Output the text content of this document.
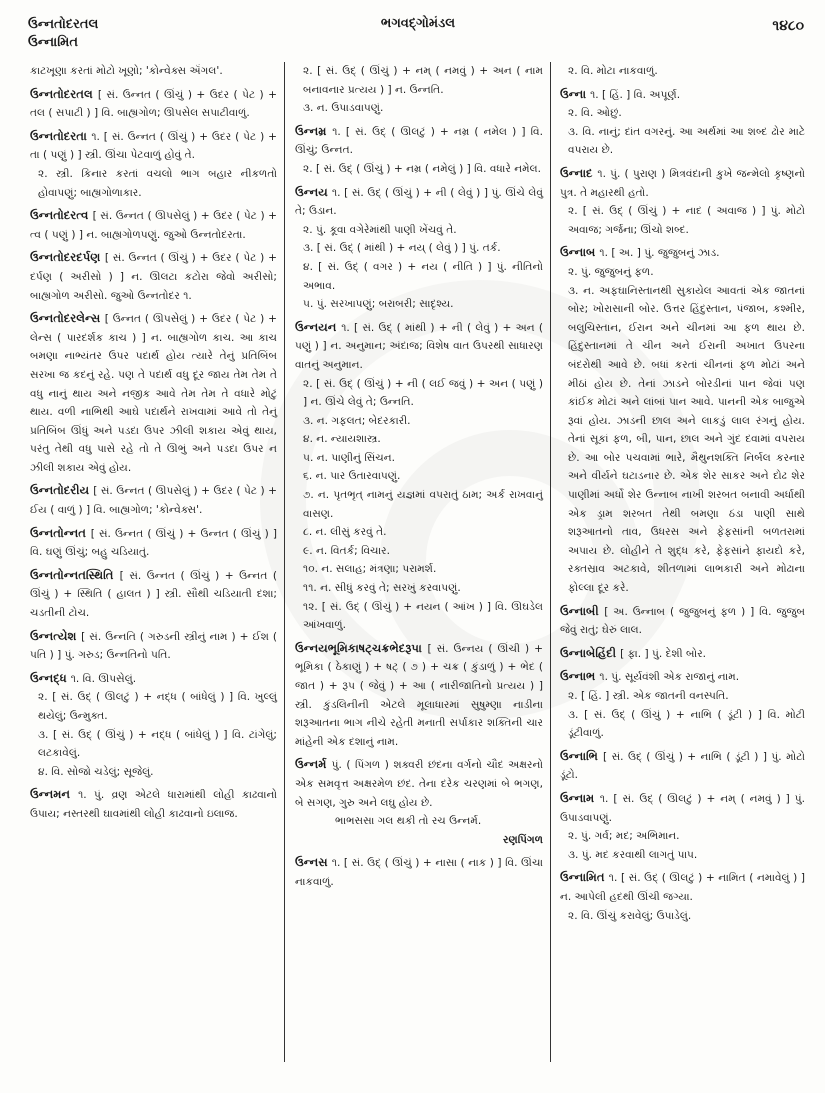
ઉન્નતોદરતલ
ઉન્નામિત
ભગવદ્ગોમંડલ	૧૪૮૦
કાટખૂણા કરતાં મોટો ખૂણો; 'કોન્વેક્સ ઍંગલ'.
ઉન્નતોદરતલ [ સં. ઉન્નત ( ઊંચું ) + ઉદર ( પેટ ) + તલ ( સપાટી ) ] વિ. બાહ્યગોળ; ઊપસેલ સપાટીવાળું.
ઉન્નતોદરતા ૧. [ સં. ઉન્નત ( ઊંચું ) + ઉદર ( પેટ ) + તા ( પણું ) ] સ્ત્રી. ઊંચા પેટવાળું હોવું તે.
૨. સ્ત્રી. કિનાર કરતાં વચલો ભાગ બહાર નીકળતો હોવાપણું; બાહ્યગોળાકાર.
ઉન્નતોદરત્વ [ સં. ઉન્નત ( ઊપસેલું ) + ઉદર ( પેટ ) + ત્વ ( પણું ) ] ન. બાહ્યગોળપણું. જુઓ ઉન્નતોદરતા.
ઉન્નતોદરદર્પણ [ સં. ઉન્નત ( ઊંચું ) + ઉદર ( પેટ ) + દર્પણ ( અરીસો ) ] ન. ઊલટા કટોરા જેવો અરીસો; બાહ્યગોળ અરીસો. જુઓ ઉન્નતોદર ૧.
ઉન્નતોદરલેન્સ [ ઉન્નત ( ઊપસેલું ) + ઉદર ( પેટ ) + લેન્સ ( પારદર્શક કાચ ) ] ન. બાહ્યગોળ કાચ. આ કાચ બમણા નાભ્યંતર ઉપર પદાર્થ હોય ત્યારે તેનું પ્રતિબિંબ સરખા જ કદનું રહે. પણ તે પદાર્થ વધુ દૂર જાય તેમ તેમ તે વધુ નાનું થાય અને નજીક આવે તેમ તેમ તે વધારે મોટું થાય. વળી નાભિથી આઘે પદાર્થને રાખવામાં આવે તો તેનું પ્રતિબિંબ ઊંધું અને પડદા ઉપર ઝીલી શકાય એવું થાય, પરંતુ તેથી વધુ પાસે રહે તો તે ઊભું અને પડદા ઉપર ન ઝીલી શકાય એવું હોય.
ઉન્નતોદરીય [ સં. ઉન્નત ( ઊપસેલું ) + ઉદર ( પેટ ) + ઈય ( વાળું ) ] વિ. બાહ્યગોળ; 'કોન્વેક્સ'.
ઉન્નતોન્નત [ સં. ઉન્નત ( ઊંચું ) + ઉન્નત ( ઊંચું ) ] વિ. ઘણું ઊંચું; બહુ ચડિયાતું.
ઉન્નતોન્નતસ્થિતિ [ સં. ઉન્નત ( ઊંચું ) + ઉન્નત ( ઊંચું ) + સ્થિતિ ( હાલત ) ] સ્ત્રી. સૌથી ચડિયાતી દશા; ચડતીની ટોચ.
ઉન્નત્યેશ [ સં. ઉન્નતિ ( ગરુડની સ્ત્રીનું નામ ) + ઈશ ( પતિ ) ] પું. ગરુડ; ઉન્નતિનો પતિ.
ઉન્નદ્ધ ૧. વિ. ઊપસેલું.
૨. [ સં. ઉદ્ ( ઊલટું ) + નદ્ધ ( બાંધેલું ) ] વિ. ખુલ્લું થયેલું; ઉન્મુક્ત.
૩. [ સં. ઉદ્ ( ઊંચું ) + નદ્ધ ( બાંધેલું ) ] વિ. ટાંગેલું; લટકાવેલું.
૪. વિ. સોજો ચડેલું; સૂજેલું.
ઉન્નમન ૧. પું. વ્રણ એટલે ધારામાંથી લોહી કાઢવાનો ઉપાય; નસ્તરથી ઘાવમાંથી લોહી કાઢવાનો ઇલાજ.
૨. [ સં. ઉદ્ ( ઊંચું ) + નમ્ ( નમવું ) + અન ( નામ બનાવનાર પ્રત્યય ) ] ન. ઉન્નતિ.
૩. ન. ઉપાડવાપણું.
ઉન્નમ્ર ૧. [ સં. ઉદ્ ( ઊલટું ) + નમ્ર ( નમેલ ) ] વિ. ઊંચું; ઉન્નત.
૨. [ સં. ઉદ્ ( ઊંચું ) + નમ્ર ( નમેલું ) ] વિ. વધારે નમેલ.
ઉન્નય ૧. [ સં. ઉદ્ ( ઊંચું ) + ની ( લેવું ) ] પું. ઊંચે લેવું તે; ઉડાન.
૨. પું. કૂવા વગેરેમાંથી પાણી ખેંચવું તે.
૩. [ સં. ઉદ્ ( માંથી ) + નય્ ( લેવું ) ] પું. તર્ક.
૪. [ સં. ઉદ્ ( વગર ) + નય ( નીતિ ) ] પું. નીતિનો અભાવ.
૫. પું. સરખાપણું; બરાબરી; સાદૃશ્ય.
ઉન્નયન ૧. [ સં. ઉદ્ ( માંથી ) + ની ( લેવું ) + અન ( પણું ) ] ન. અનુમાન; અંદાજ; વિશેષ વાત ઉપરથી સાધારણ વાતનું અનુમાન.
૨. [ સં. ઉદ્ ( ઊંચું ) + ની ( લઈ જવું ) + અન ( પણું ) ] ન. ઊંચે લેવું તે; ઉન્નતિ.
૩. ન. ગફલત; બેદરકારી.
૪. ન. ન્યાયશાસ્ત્ર.
૫. ન. પાણીનું સિંચન.
૬. ન. પાર ઉતારવાપણું.
૭. ન. પૃતભૃત્ નામનું યજ્ઞમાં વપરાતું ઠામ; અર્ક રાખવાનું વાસણ.
૮. ન. લીસું કરવું તે.
૯. ન. વિતર્ક; વિચાર.
૧૦. ન. સલાહ; મંત્રણા; પરામર્શ.
૧૧. ન. સીધું કરવું તે; સરખું કરવાપણું.
૧૨. [ સં. ઉદ્ ( ઊંચું ) + નયન ( આંખ ) ] વિ. ઊઘડેલ આંખવાળું.
ઉન્નયભૂમિકાષટ્ચક્રભેદરૂપા [ સં. ઉન્નય ( ઊંચી ) + ભૂમિકા ( ઠેકાણું ) + ષટ્ ( ૭ ) + ચક્ર ( કુંડાળું ) + ભેદ ( જાત ) + રૂપ ( જેવું ) + આ ( નારીજાતિનો પ્રત્યય ) ] સ્ત્રી. કુંડલિનીની એટલે મૂલાધારમાં સુષુમ્ણા નાડીના શરૂઆતના ભાગ નીચે રહેતી મનાતી સર્પાકાર શક્તિની ચાર માંહેની એક દશાનું નામ.
ઉન્નર્મ પું. ( પિંગળ ) શક્વરી છંદના વર્ગનો ચૌદ અક્ષરનો એક સમવૃત્ત અક્ષરમેળ છંદ. તેના દરેક ચરણમાં બે ભગણ, બે સગણ, ગુરુ અને લઘુ હોય છે.
ભાભસસા ગલ થકી તો રચ ઉન્નર્મ.
રણપિંગળ
ઉન્નસ ૧. [ સં. ઉદ્ ( ઊંચું ) + નાસા ( નાક ) ] વિ. ઊંચા નાકવાળું.
૨. વિ. મોટા નાકવાળું.
ઉન્ના ૧. [ હિં. ] વિ. અપૂર્ણ.
૨. વિ. ઓછું.
૩. વિ. નાનું; દાંત વગરનું. આ અર્થમાં આ શબ્દ ઢોર માટે વપરાય છે.
ઉન્નાદ ૧. પું. ( પુરાણ ) મિત્રવંદાની કુખે જન્મેલો કૃષ્ણનો પુત્ર. તે મહારથી હતો.
૨. [ સં. ઉદ્ ( ઊંચું ) + નાદ ( અવાજ ) ] પું. મોટો અવાજ; ગર્જના; ઊંચો શબ્દ.
ઉન્નાબ ૧. [ અ. ] પું. જુજુબનું ઝાડ.
૨. પું. જુજુબનું ફળ.
૩. ન. અફઘાનિસ્તાનથી સુકાયેલ આવતાં એક જાતનાં બોર; ખોરાસાની બોર. ઉત્તર હિંદુસ્તાન, પંજાબ, કશ્મીર, બલુચિસ્તાન, ઈરાન અને ચીનમાં આ ફળ થાય છે. હિંદુસ્તાનમાં તે ચીન અને ઈરાની અખાત ઉપરના બંદરોથી આવે છે. બધાં કરતાં ચીનનાં ફળ મોટાં અને મીઠાં હોય છે. તેનાં ઝાડને બોરડીનાં પાન જેવાં પણ કાંઈક મોટાં અને લાંબાં પાન આવે. પાનની એક બાજુએ રૂવાં હોય. ઝાડની છાલ અને લાકડું લાલ રંગનું હોય. તેનાં સૂકાં ફળ, બી, પાન, છાલ અને ગુંદ દવામાં વપરાય છે. આ બોર પચવામાં ભારે, મૈથુનશક્તિ નિર્બલ કરનાર અને વીર્યને ઘટાડનાર છે. એક શેર સાકર અને દોઢ શેર પાણીમાં અર્ધો શેર ઉન્નાબ નાખી શરબત બનાવી અર્ધાથી એક ડ્રામ શરબત તેથી બમણા ઠંડા પાણી સાથે શરૂઆતનો તાવ, ઉધરસ અને ફેફસાંની બળતરામાં અપાય છે. લોહીને તે શુદ્ધ કરે, ફેફસાંને ફાયદો કરે, રક્તસ્રાવ અટકાવે, શીતળામાં લાભકારી અને મોઢાના ફોલ્લા દૂર કરે.
ઉન્નાબી [ અ. ઉન્નાબ ( જુજુબનું ફળ ) ] વિ. જુજુબ જેવું રાતું; ઘેરું લાલ.
ઉન્નાબેહિંદી [ ફા. ] પું. દેશી બોર.
ઉન્નાભ ૧. પું. સૂર્યવંશી એક રાજાનું નામ.
૨. [ હિં. ] સ્ત્રી. એક જાતની વનસ્પતિ.
૩. [ સં. ઉદ્ ( ઊંચું ) + નાભિ ( ડૂંટી ) ] વિ. મોટી ડૂંટીવાળું.
ઉન્નાભિ [ સં. ઉદ્ ( ઊંચું ) + નાભિ ( ડૂંટી ) ] પું. મોટો ડૂંટો.
ઉન્નામ ૧. [ સં. ઉદ્ ( ઊલટું ) + નમ્ ( નમવું ) ] પું. ઉપાડવાપણું.
૨. પું. ગર્વ; મદ; અભિમાન.
૩. પું. મદ કરવાથી લાગતું પાપ.
ઉન્નામિત ૧. [ સં. ઉદ્ ( ઊલટું ) + નામિત ( નમાવેલું ) ] ન. આપેલી હદથી ઊંચી જગ્યા.
૨. વિ. ઊંચું કરાવેલું; ઉપાડેલું.
